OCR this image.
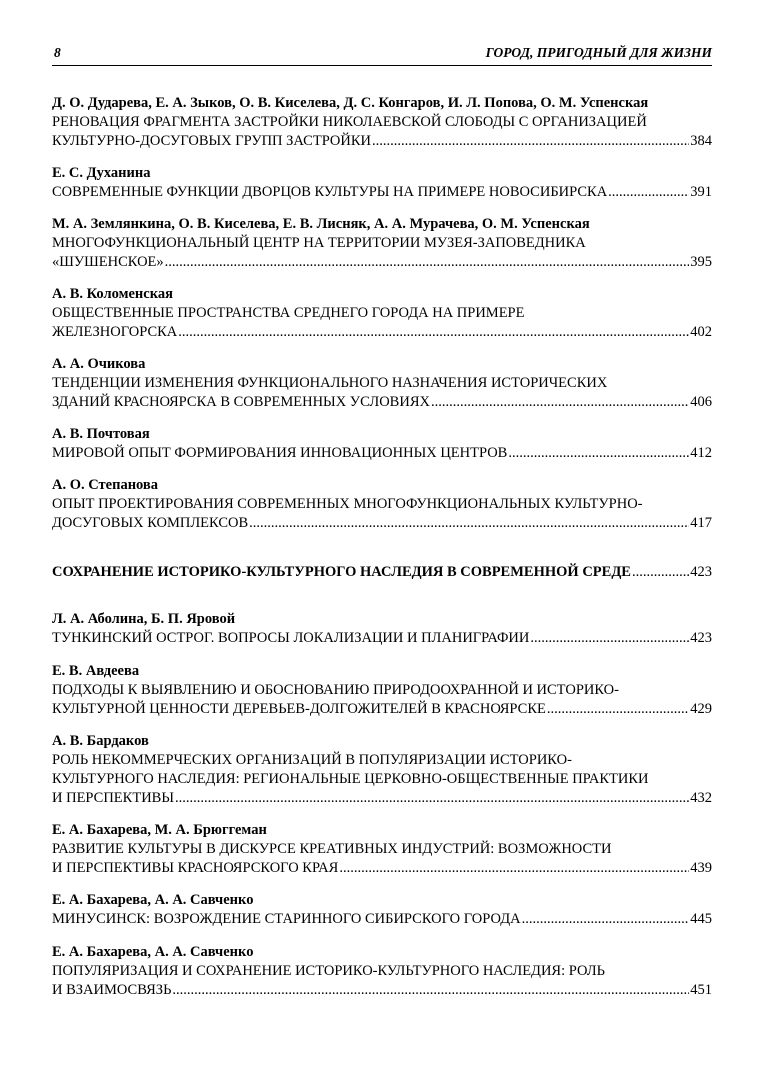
8	ГОРОД, ПРИГОДНЫЙ ДЛЯ ЖИЗНИ
Д. О. Дударева, Е. А. Зыков, О. В. Киселева, Д. С. Конгаров, И. Л. Попова, О. М. Успенская
РЕНОВАЦИЯ ФРАГМЕНТА ЗАСТРОЙКИ НИКОЛАЕВСКОЙ СЛОБОДЫ С ОРГАНИЗАЦИЕЙ
КУЛЬТУРНО-ДОСУГОВЫХ ГРУПП ЗАСТРОЙКИ .....	384
Е. С. Духанина
СОВРЕМЕННЫЕ ФУНКЦИИ ДВОРЦОВ КУЛЬТУРЫ НА ПРИМЕРЕ НОВОСИБИРСКА .....	391
М. А. Землянкина, О. В. Киселева, Е. В. Лисняк, А. А. Мурачева, О. М. Успенская
МНОГОФУНКЦИОНАЛЬНЫЙ ЦЕНТР НА ТЕРРИТОРИИ МУЗЕЯ-ЗАПОВЕДНИКА
«ШУШЕНСКОЕ» .....	395
А. В. Коломенская
ОБЩЕСТВЕННЫЕ ПРОСТРАНСТВА СРЕДНЕГО ГОРОДА НА ПРИМЕРЕ
ЖЕЛЕЗНОГОРСКА .....	402
А. А. Очикова
ТЕНДЕНЦИИ ИЗМЕНЕНИЯ ФУНКЦИОНАЛЬНОГО НАЗНАЧЕНИЯ ИСТОРИЧЕСКИХ
ЗДАНИЙ КРАСНОЯРСКА В СОВРЕМЕННЫХ УСЛОВИЯХ .....	406
А. В. Почтовая
МИРОВОЙ ОПЫТ ФОРМИРОВАНИЯ ИННОВАЦИОННЫХ ЦЕНТРОВ .....	412
А. О. Степанова
ОПЫТ ПРОЕКТИРОВАНИЯ СОВРЕМЕННЫХ МНОГОФУНКЦИОНАЛЬНЫХ КУЛЬТУРНО-
ДОСУГОВЫХ КОМПЛЕКСОВ .....	417
СОХРАНЕНИЕ ИСТОРИКО-КУЛЬТУРНОГО НАСЛЕДИЯ В СОВРЕМЕННОЙ СРЕДЕ .....	423
Л. А. Аболина, Б. П. Яровой
ТУНКИНСКИЙ ОСТРОГ. ВОПРОСЫ ЛОКАЛИЗАЦИИ И ПЛАНИГРАФИИ .....	423
Е. В. Авдеева
ПОДХОДЫ К ВЫЯВЛЕНИЮ И ОБОСНОВАНИЮ ПРИРОДООХРАННОЙ И ИСТОРИКО-
КУЛЬТУРНОЙ ЦЕННОСТИ ДЕРЕВЬЕВ-ДОЛГОЖИТЕЛЕЙ В КРАСНОЯРСКЕ .....	429
А. В. Бардаков
РОЛЬ НЕКОММЕРЧЕСКИХ ОРГАНИЗАЦИЙ В ПОПУЛЯРИЗАЦИИ ИСТОРИКО-
КУЛЬТУРНОГО НАСЛЕДИЯ: РЕГИОНАЛЬНЫЕ ЦЕРКОВНО-ОБЩЕСТВЕННЫЕ ПРАКТИКИ
И ПЕРСПЕКТИВЫ .....	432
Е. А. Бахарева, М. А. Брюггеман
РАЗВИТИЕ КУЛЬТУРЫ В ДИСКУРСЕ КРЕАТИВНЫХ ИНДУСТРИЙ: ВОЗМОЖНОСТИ
И ПЕРСПЕКТИВЫ КРАСНОЯРСКОГО КРАЯ .....	439
Е. А. Бахарева, А. А. Савченко
МИНУСИНСК: ВОЗРОЖДЕНИЕ СТАРИННОГО СИБИРСКОГО ГОРОДА .....	445
Е. А. Бахарева, А. А. Савченко
ПОПУЛЯРИЗАЦИЯ И СОХРАНЕНИЕ ИСТОРИКО-КУЛЬТУРНОГО НАСЛЕДИЯ: РОЛЬ
И ВЗАИМОСВЯЗЬ .....	451
